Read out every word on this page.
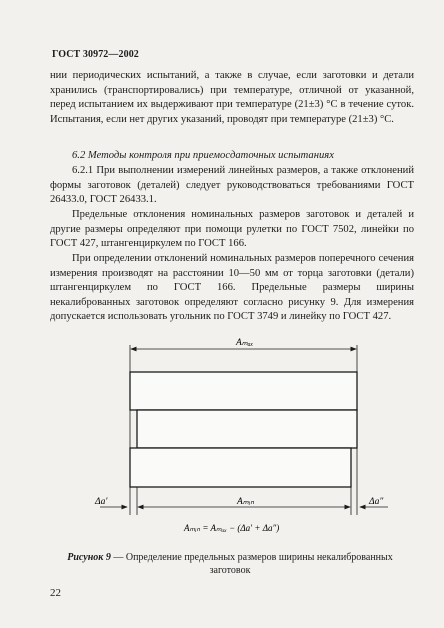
ГОСТ 30972—2002

нии периодических испытаний, а также в случае, если заготовки и детали хранились (транспортировались) при температуре, отличной от указанной, перед испытанием их выдерживают при температуре (21±3) °С в течение суток. Испытания, если нет других указаний, проводят при температуре (21±3) °С.

6.2 Методы контроля при приемосдаточных испытаниях

6.2.1 При выполнении измерений линейных размеров, а также отклонений формы заготовок (деталей) следует руководствоваться требованиями ГОСТ 26433.0, ГОСТ 26433.1.

Предельные отклонения номинальных размеров заготовок и деталей и другие размеры определяют при помощи рулетки по ГОСТ 7502, линейки по ГОСТ 427, штангенциркулем по ГОСТ 166.

При определении отклонений номинальных размеров поперечного сечения измерения производят на расстоянии 10—50 мм от торца заготовки (детали) штангенциркулем по ГОСТ 166. Предельные размеры ширины некалиброванных заготовок определяют согласно рисунку 9. Для измерения допускается использовать угольник по ГОСТ 3749 и линейку по ГОСТ 427.

Aₘₐₓ
Aₘᵢₙ
Δa′	Δa″
Aₘᵢₙ = Aₘₐₓ − (Δa′ + Δa″)
Рисунок 9 — Определение предельных размеров ширины некалиброванных заготовок
22
